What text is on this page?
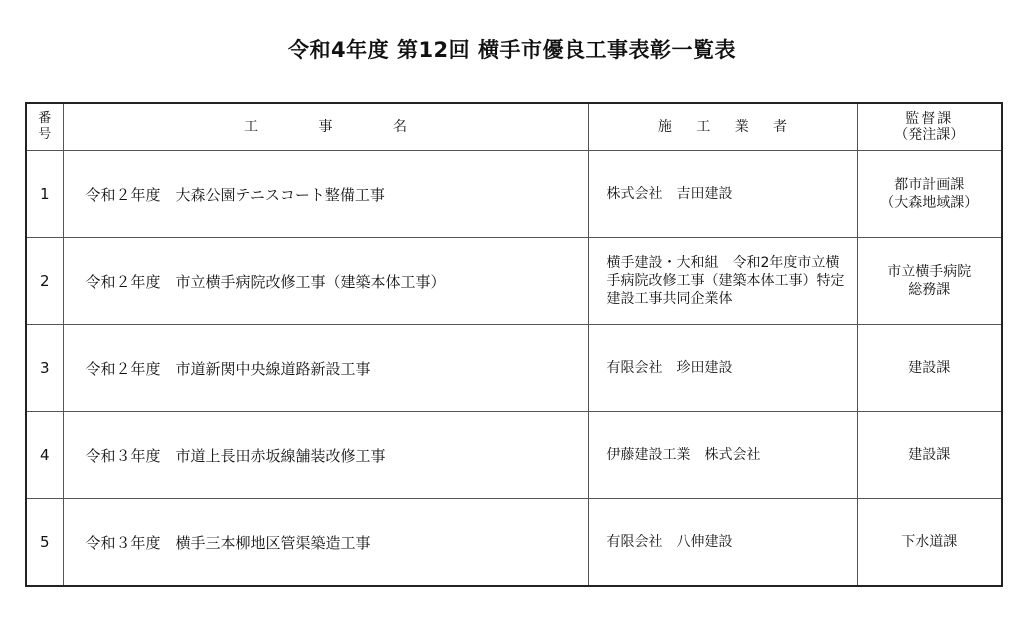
令和4年度 第12回 横手市優良工事表彰一覧表
番号	工 事 名	施 工 業 者	監督課
（発注課）

1	令和２年度　大森公園テニスコート整備工事	株式会社　吉田建設	都市計画課
（大森地域課）

2	令和２年度　市立横手病院改修工事（建築本体工事）	横手建設・大和組　令和2年度市立横手病院改修工事（建築本体工事）特定建設工事共同企業体	市立横手病院
総務課

3	令和２年度　市道新関中央線道路新設工事	有限会社　珍田建設	建設課

4	令和３年度　市道上長田赤坂線舗装改修工事	伊藤建設工業　株式会社	建設課

5	令和３年度　横手三本柳地区管渠築造工事	有限会社　八伸建設	下水道課
